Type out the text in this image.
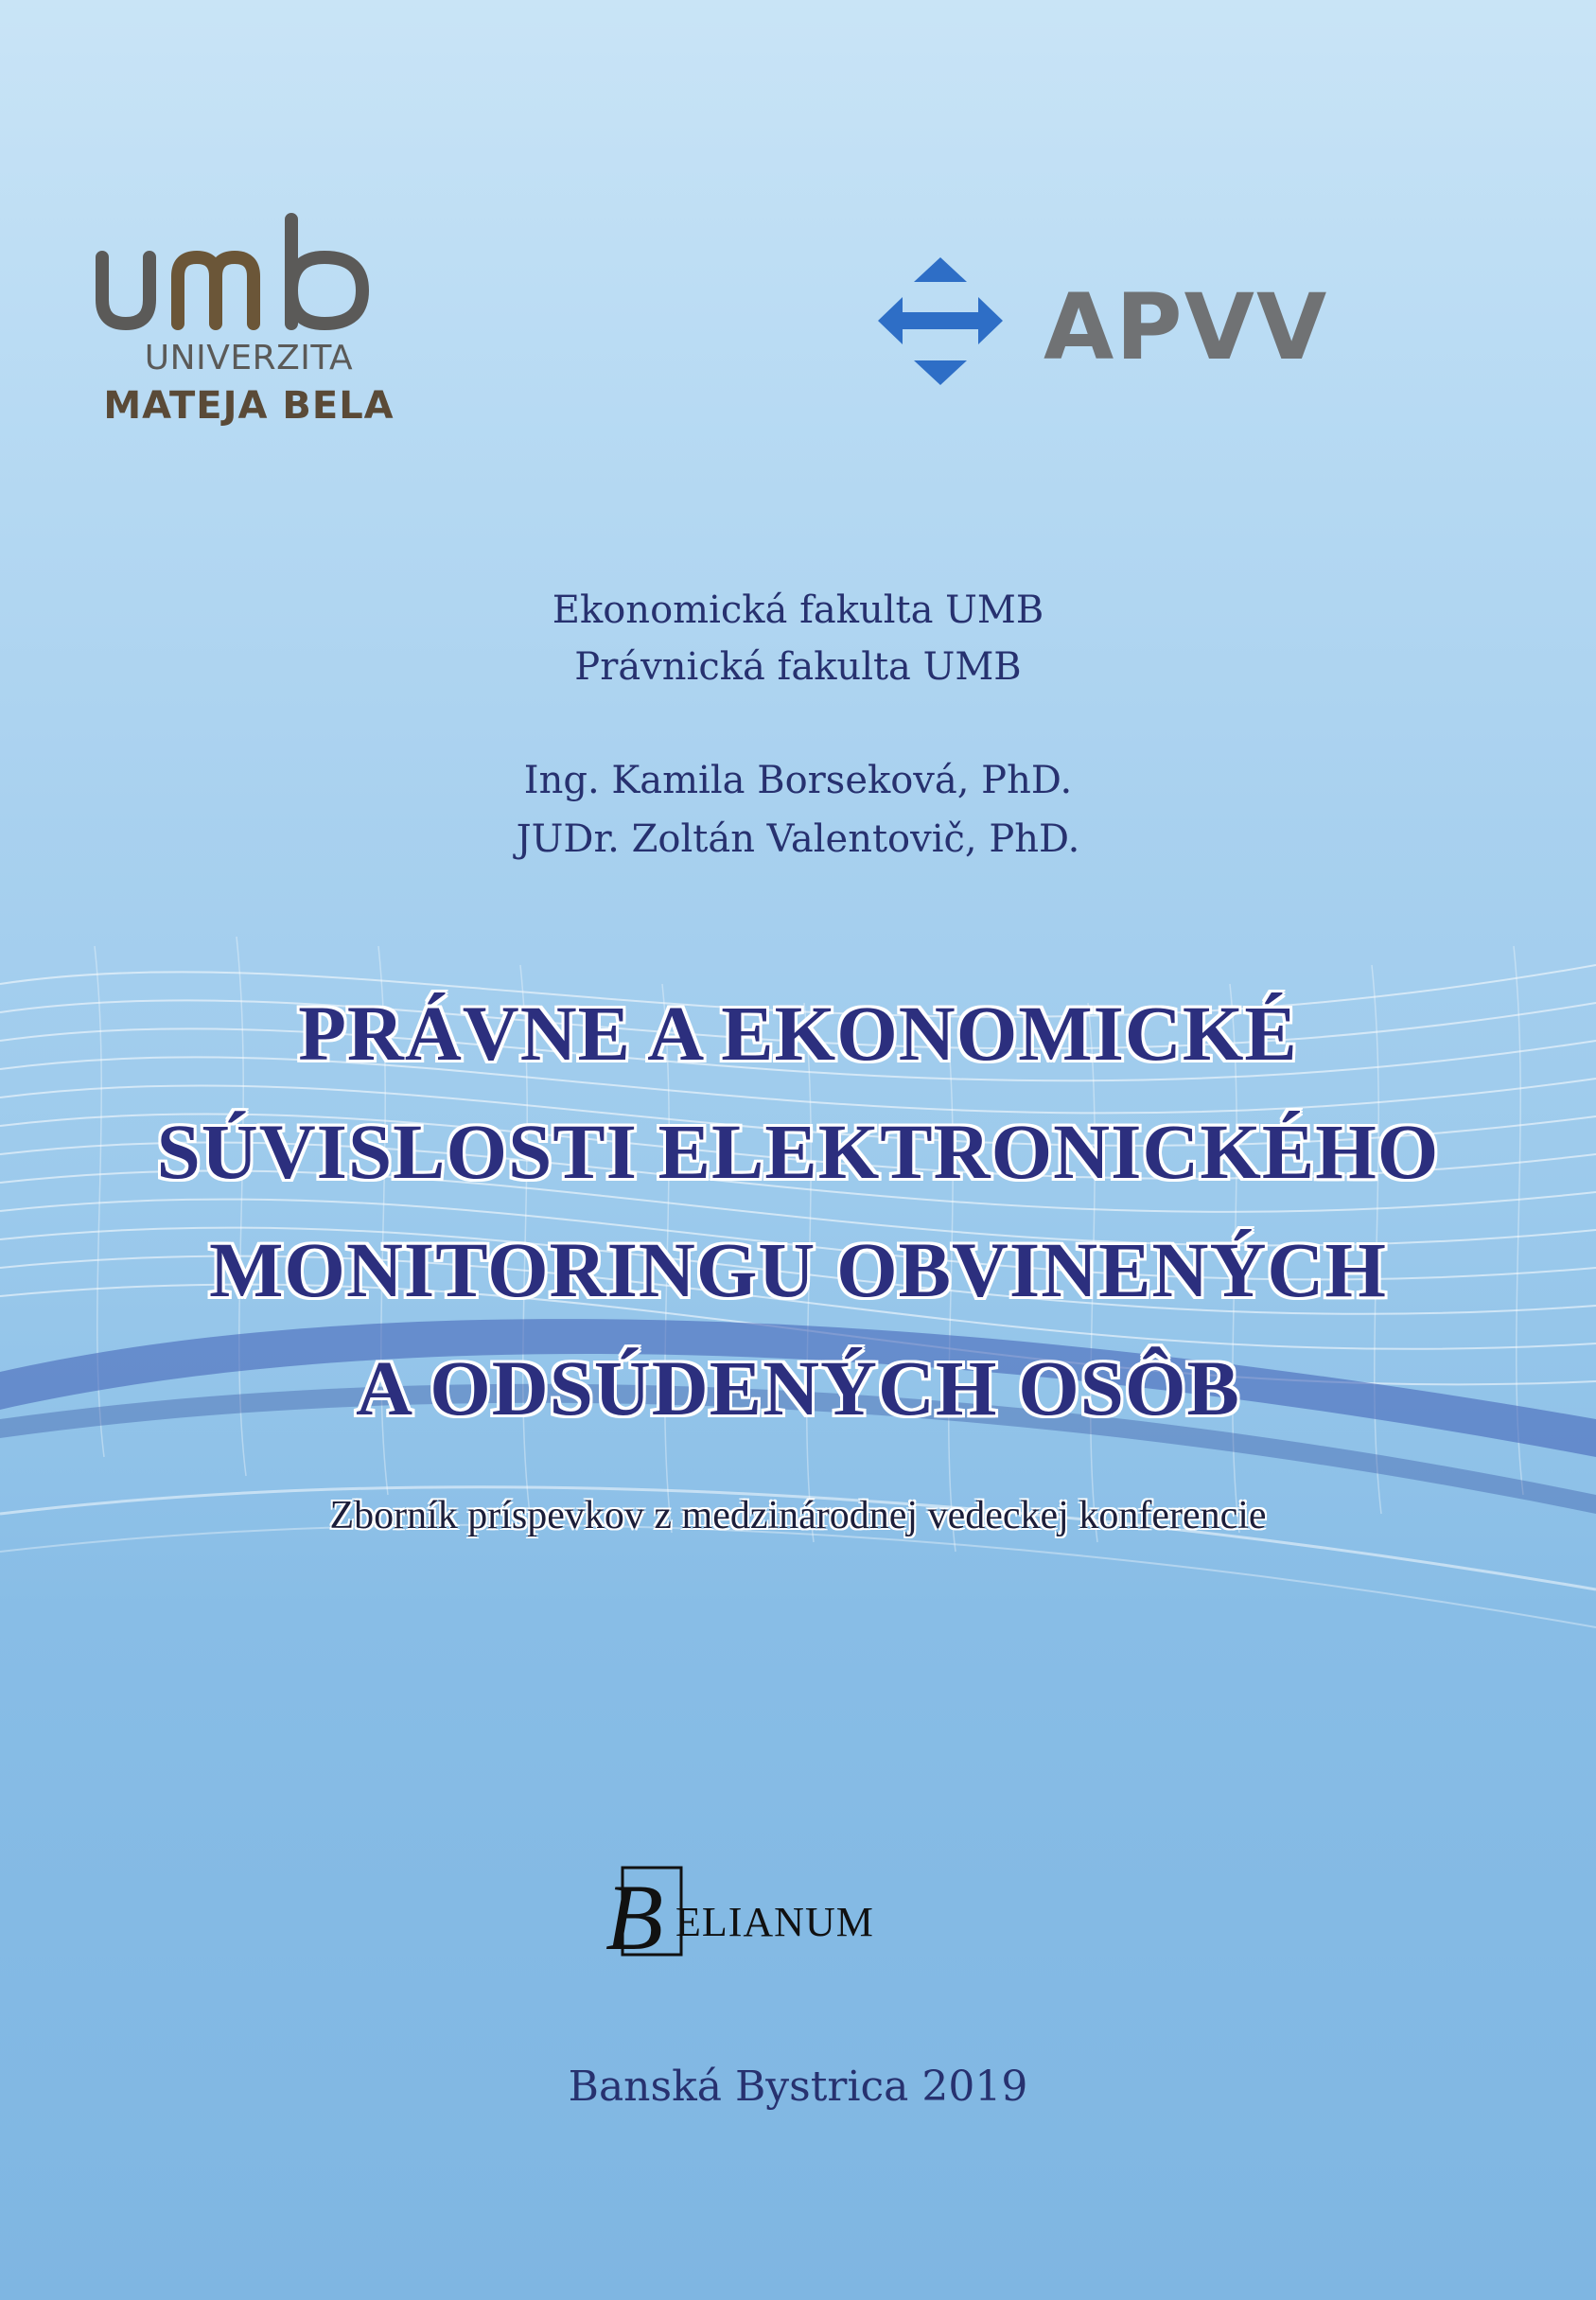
UNIVERZITA
MATEJA BELA
APVV
Ekonomická fakulta UMB
Právnická fakulta UMB
Ing. Kamila Borseková, PhD.
JUDr. Zoltán Valentovič, PhD.
PRÁVNE A EKONOMICKÉ
SÚVISLOSTI ELEKTRONICKÉHO
MONITORINGU OBVINENÝCH
A ODSÚDENÝCH OSÔB
Zborník príspevkov z medzinárodnej vedeckej konferencie
B ELIANUM
Banská Bystrica 2019
